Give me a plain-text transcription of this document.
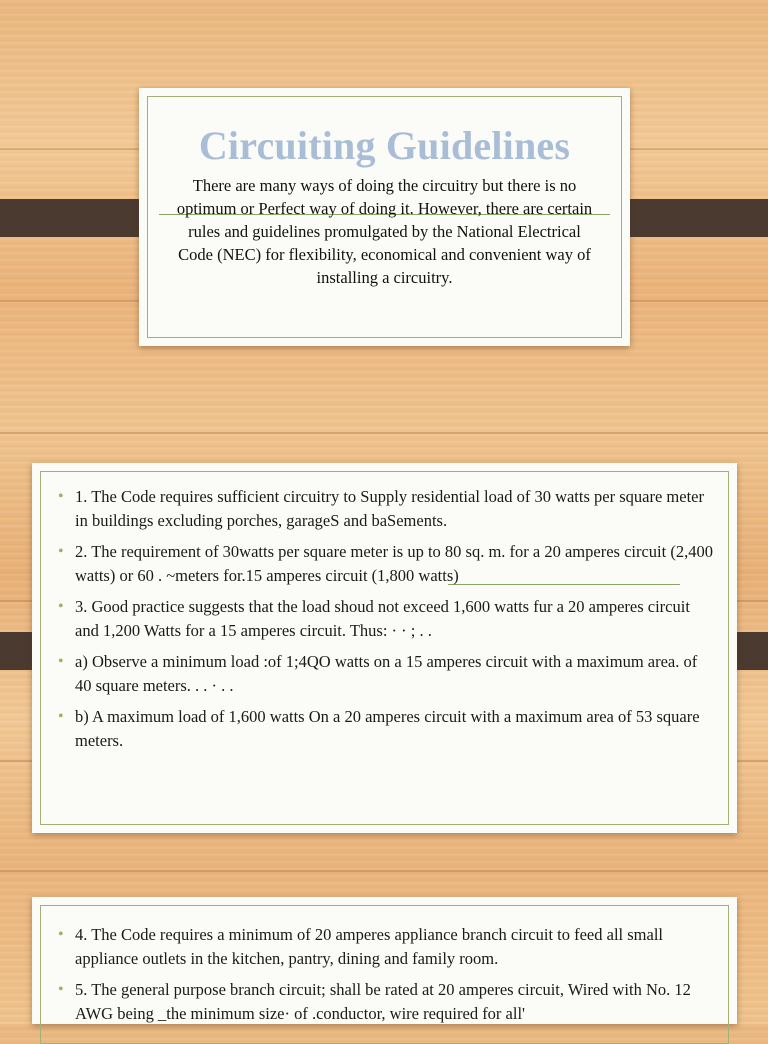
Circuiting Guidelines
There are many ways of doing the circuitry but there is no optimum or Perfect way of doing it. However, there are certain rules and guidelines promulgated by the National Electrical Code (NEC) for flexibility, economical and convenient way of installing a circuitry.
• 1. The Code requires sufficient circuitry to Supply residential load of 30 watts per square meter in buildings excluding porches, garageS and baSements.
• 2. The requirement of 30watts per square meter is up to 80 sq. m. for a 20 amperes circuit (2,400 watts) or 60 . ~meters for.15 amperes circuit (1,800 watts)
• 3. Good practice suggests that the load shoud not exceed 1,600 watts fur a 20 amperes circuit and 1,200 Watts for a 15 amperes circuit. Thus: · · ; . .
• a) Observe a minimum load :of 1;4QO watts on a 15 amperes circuit with a maximum area. of 40 square meters. . . · . .
• b) A maximum load of 1,600 watts On a 20 amperes circuit with a maximum area of 53 square meters.
• 4. The Code requires a minimum of 20 amperes appliance branch circuit to feed all small appliance outlets in the kitchen, pantry, dining and family room.
• 5. The general purpose branch circuit; shall be rated at 20 amperes circuit, Wired with No. 12 AWG being _the minimum size· of .conductor, wire required for all'
